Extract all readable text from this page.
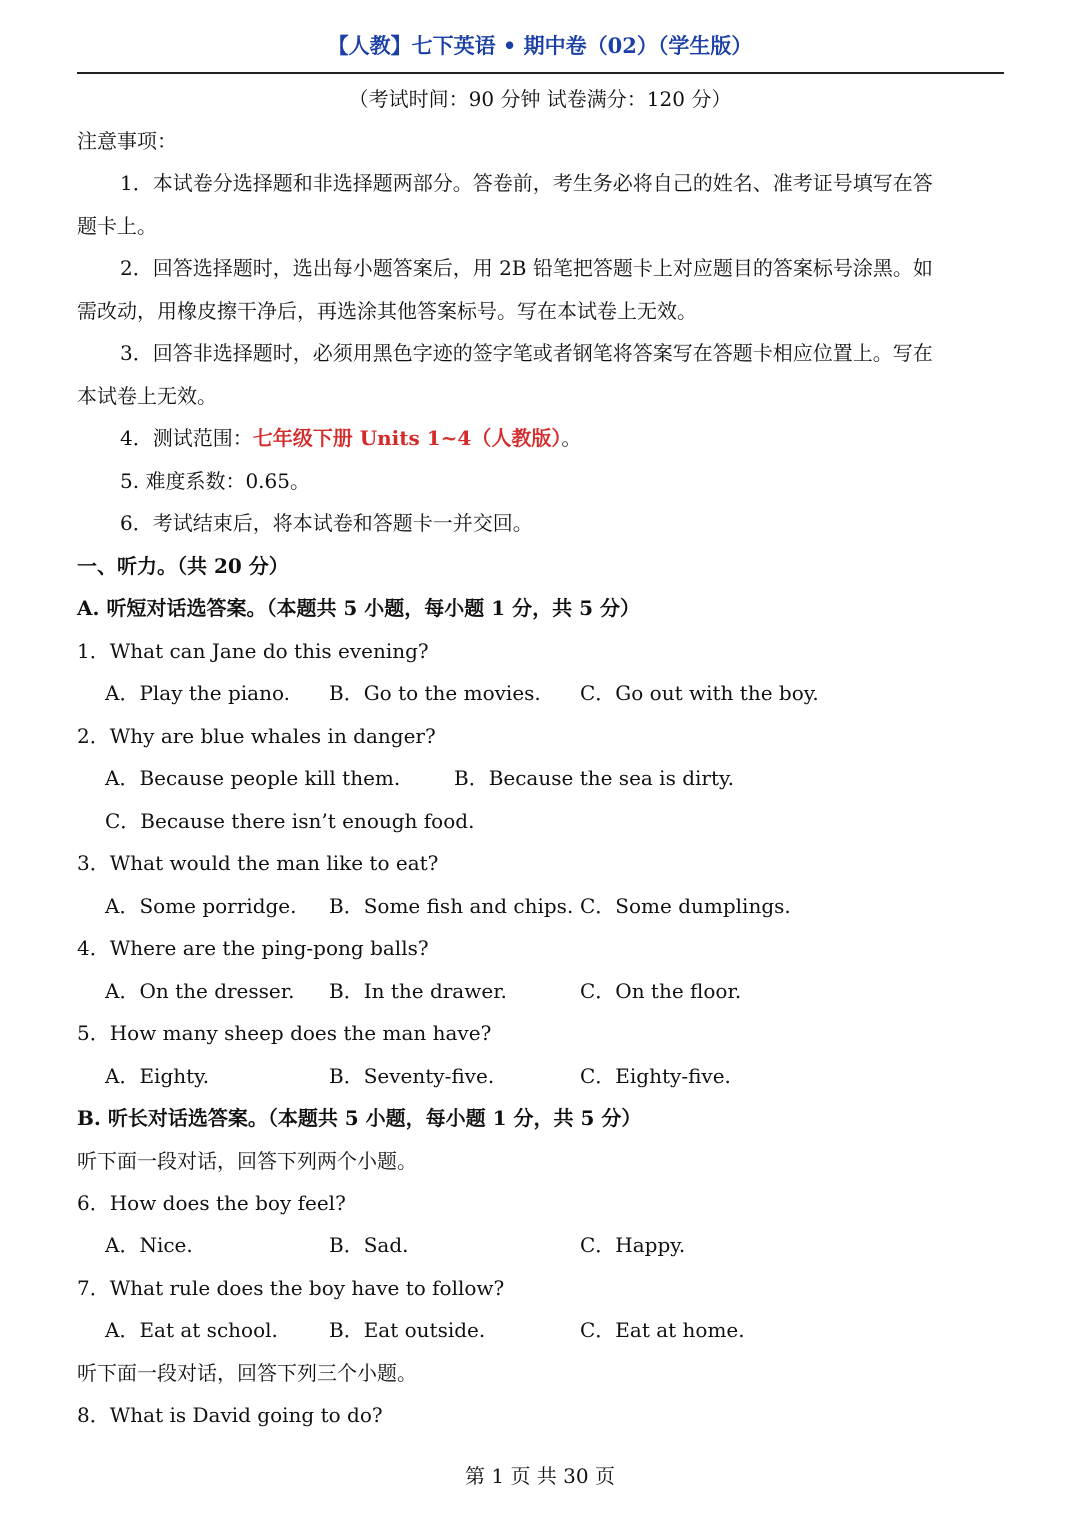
【人教】七下英语 • 期中卷（02）（学生版）
（考试时间：90 分钟 试卷满分：120 分）
注意事项：
1．本试卷分选择题和非选择题两部分。答卷前，考生务必将自己的姓名、准考证号填写在答
题卡上。
2．回答选择题时，选出每小题答案后，用 2B 铅笔把答题卡上对应题目的答案标号涂黑。如
需改动，用橡皮擦干净后，再选涂其他答案标号。写在本试卷上无效。
3．回答非选择题时，必须用黑色字迹的签字笔或者钢笔将答案写在答题卡相应位置上。写在
本试卷上无效。
4．测试范围：七年级下册 Units 1~4（人教版）。
5. 难度系数：0.65。
6．考试结束后，将本试卷和答题卡一并交回。
一、听力。（共 20 分）
A. 听短对话选答案。（本题共 5 小题，每小题 1 分，共 5 分）
1．What can Jane do this evening?
A．Play the piano. B．Go to the movies. C．Go out with the boy.
2．Why are blue whales in danger?
A．Because people kill them.	B．Because the sea is dirty.
C．Because there isn’t enough food.
3．What would the man like to eat?
A．Some porridge. B．Some fish and chips. C．Some dumplings.
4．Where are the ping-pong balls?
A．On the dresser. B．In the drawer.	C．On the floor.
5．How many sheep does the man have?
A．Eighty.	B．Seventy-five.	C．Eighty-five.
B. 听长对话选答案。（本题共 5 小题，每小题 1 分，共 5 分）
听下面一段对话，回答下列两个小题。
6．How does the boy feel?
A．Nice.	B．Sad.	C．Happy.
7．What rule does the boy have to follow?
A．Eat at school.	B．Eat outside.	C．Eat at home.
听下面一段对话，回答下列三个小题。
8．What is David going to do?
第 1 页 共 30 页
